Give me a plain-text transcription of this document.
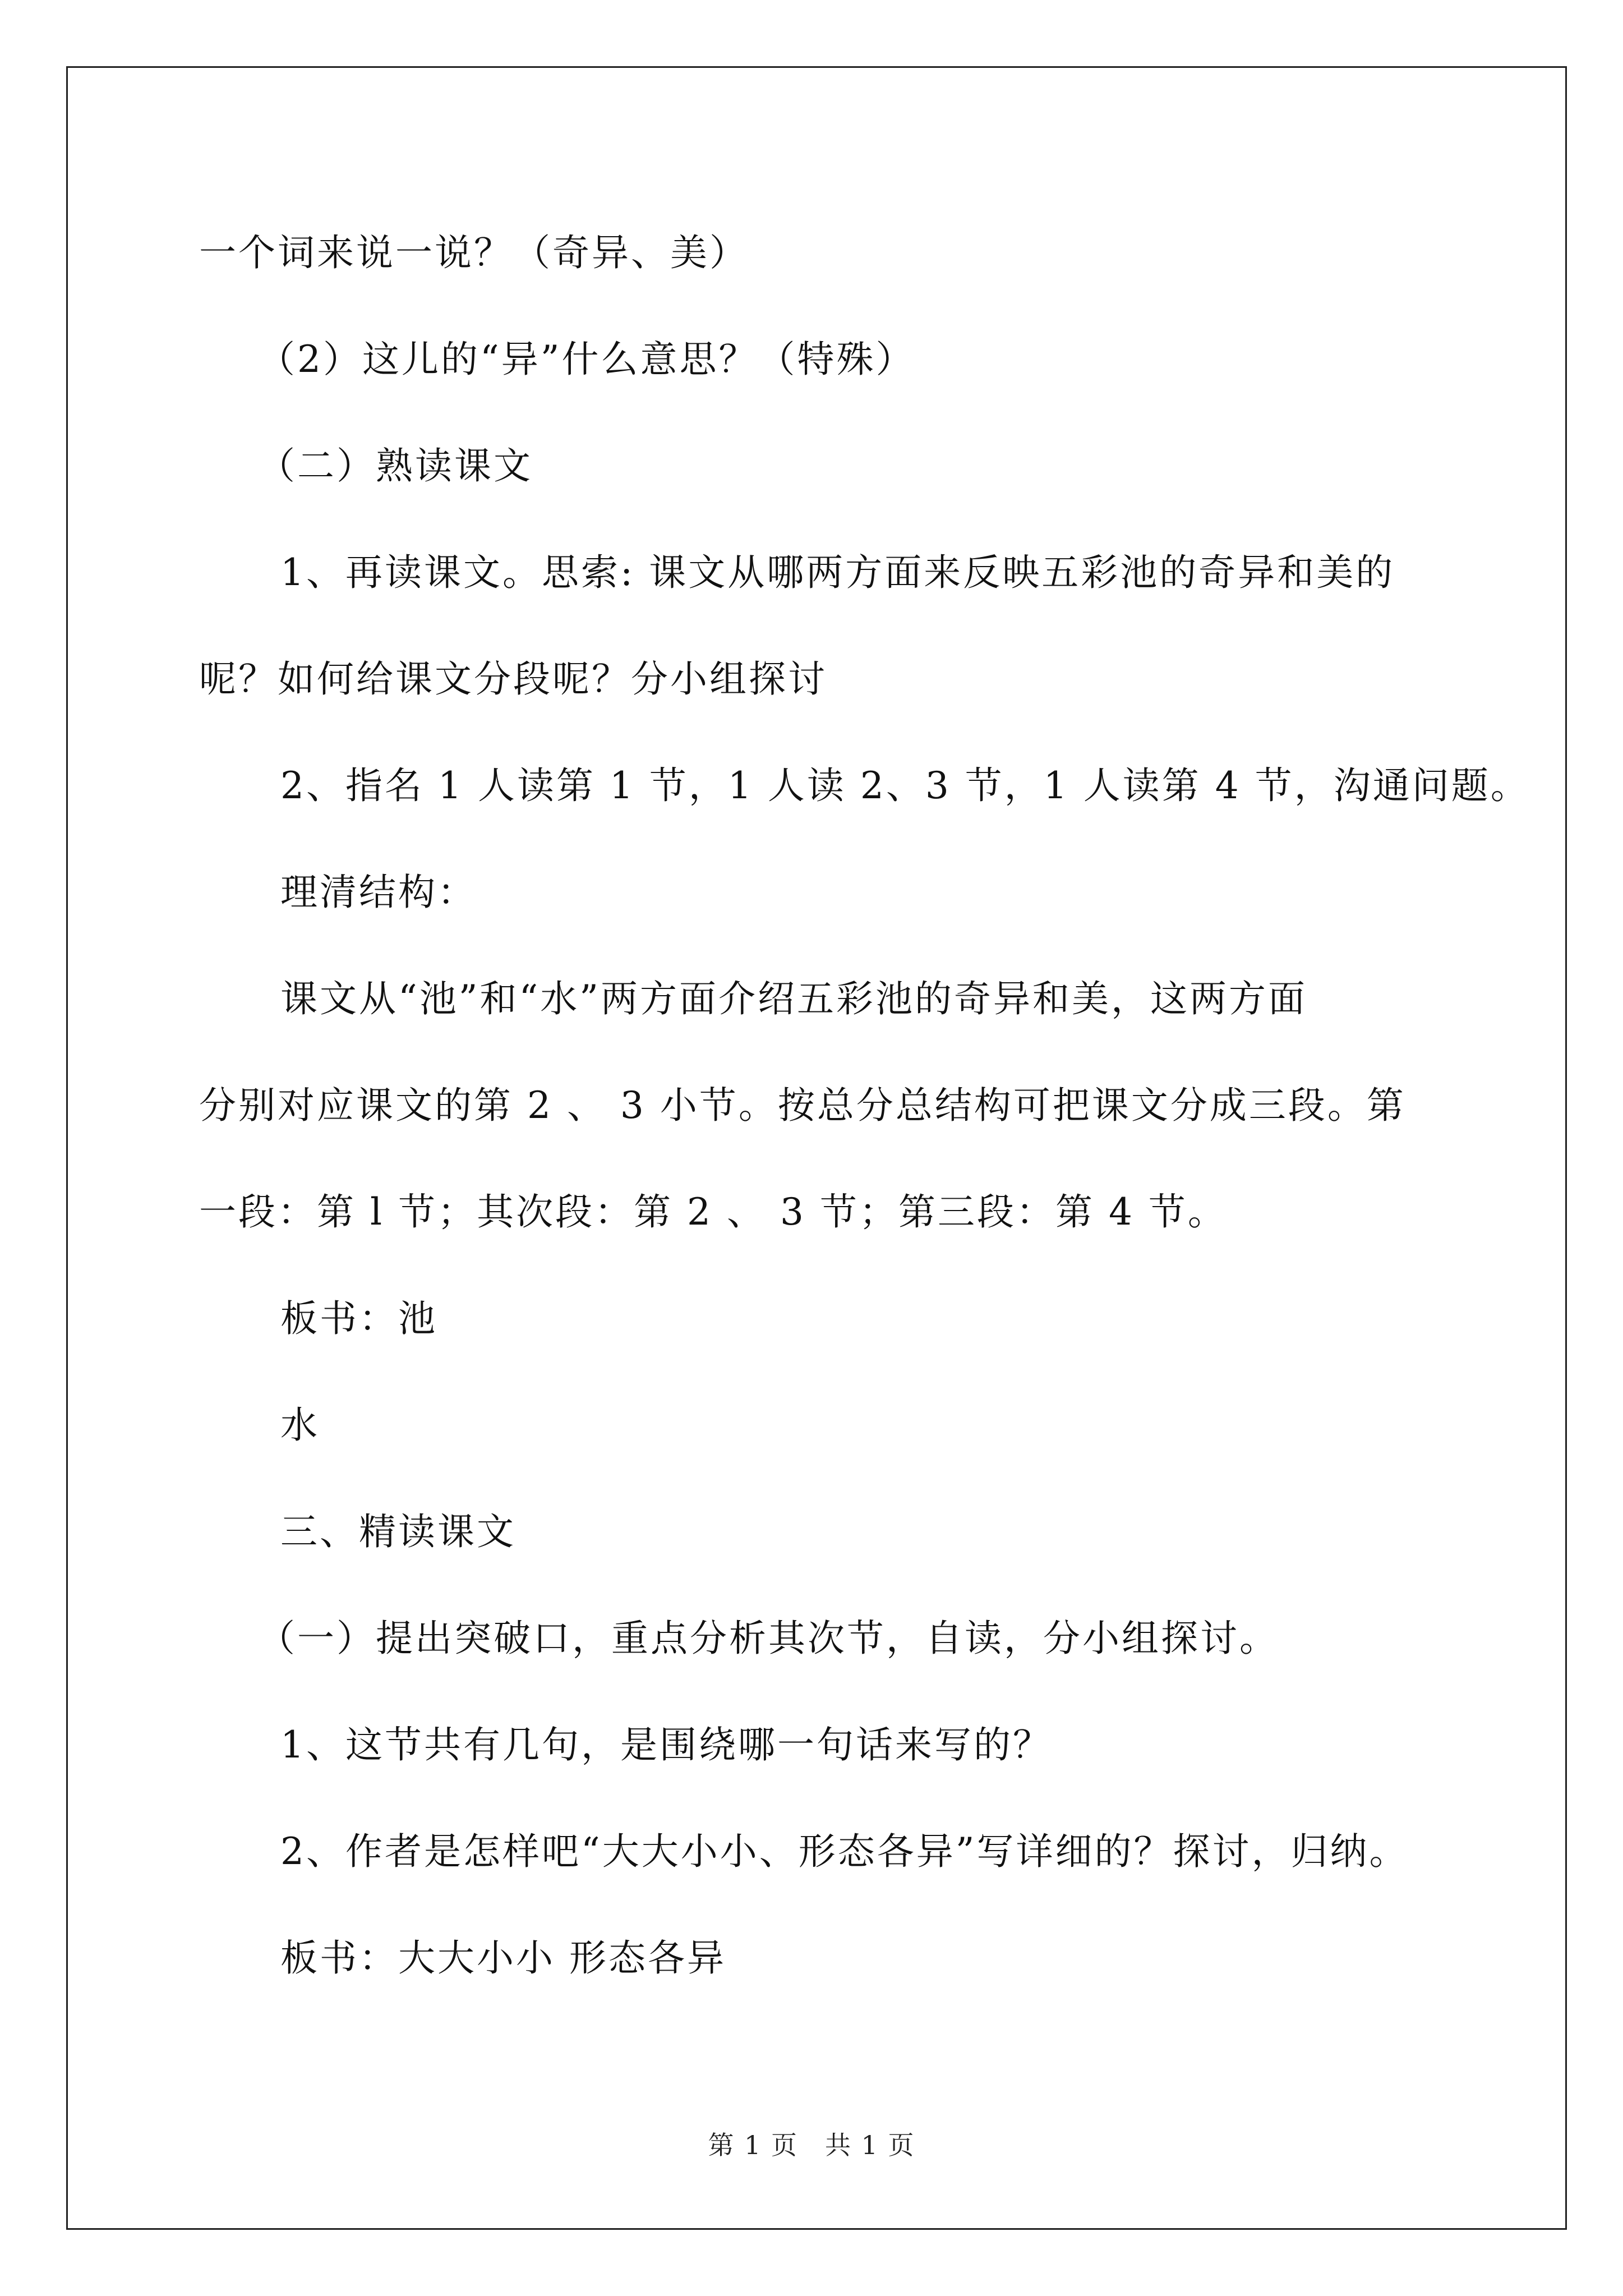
一个词来说一说？（奇异、美）
（2）这儿的“异”什么意思？（特殊）
（二）熟读课文
1、再读课文。思索: 课文从哪两方面来反映五彩池的奇异和美的
呢？如何给课文分段呢？分小组探讨
2、指名 1 人读第 1 节，1 人读 2、3 节，1 人读第 4 节，沟通问题。
理清结构：
课文从“池”和“水”两方面介绍五彩池的奇异和美，这两方面
分别对应课文的第 2 、 3 小节。按总分总结构可把课文分成三段。第
一段：第 l 节；其次段：第 2 、 3 节；第三段：第 4 节。
板书：池
水
三、精读课文
（一）提出突破口，重点分析其次节，自读，分小组探讨。
1、这节共有几句，是围绕哪一句话来写的？
2、作者是怎样吧“大大小小、形态各异”写详细的？探讨，归纳。
板书：大大小小 形态各异
第 1 页　共 1 页
